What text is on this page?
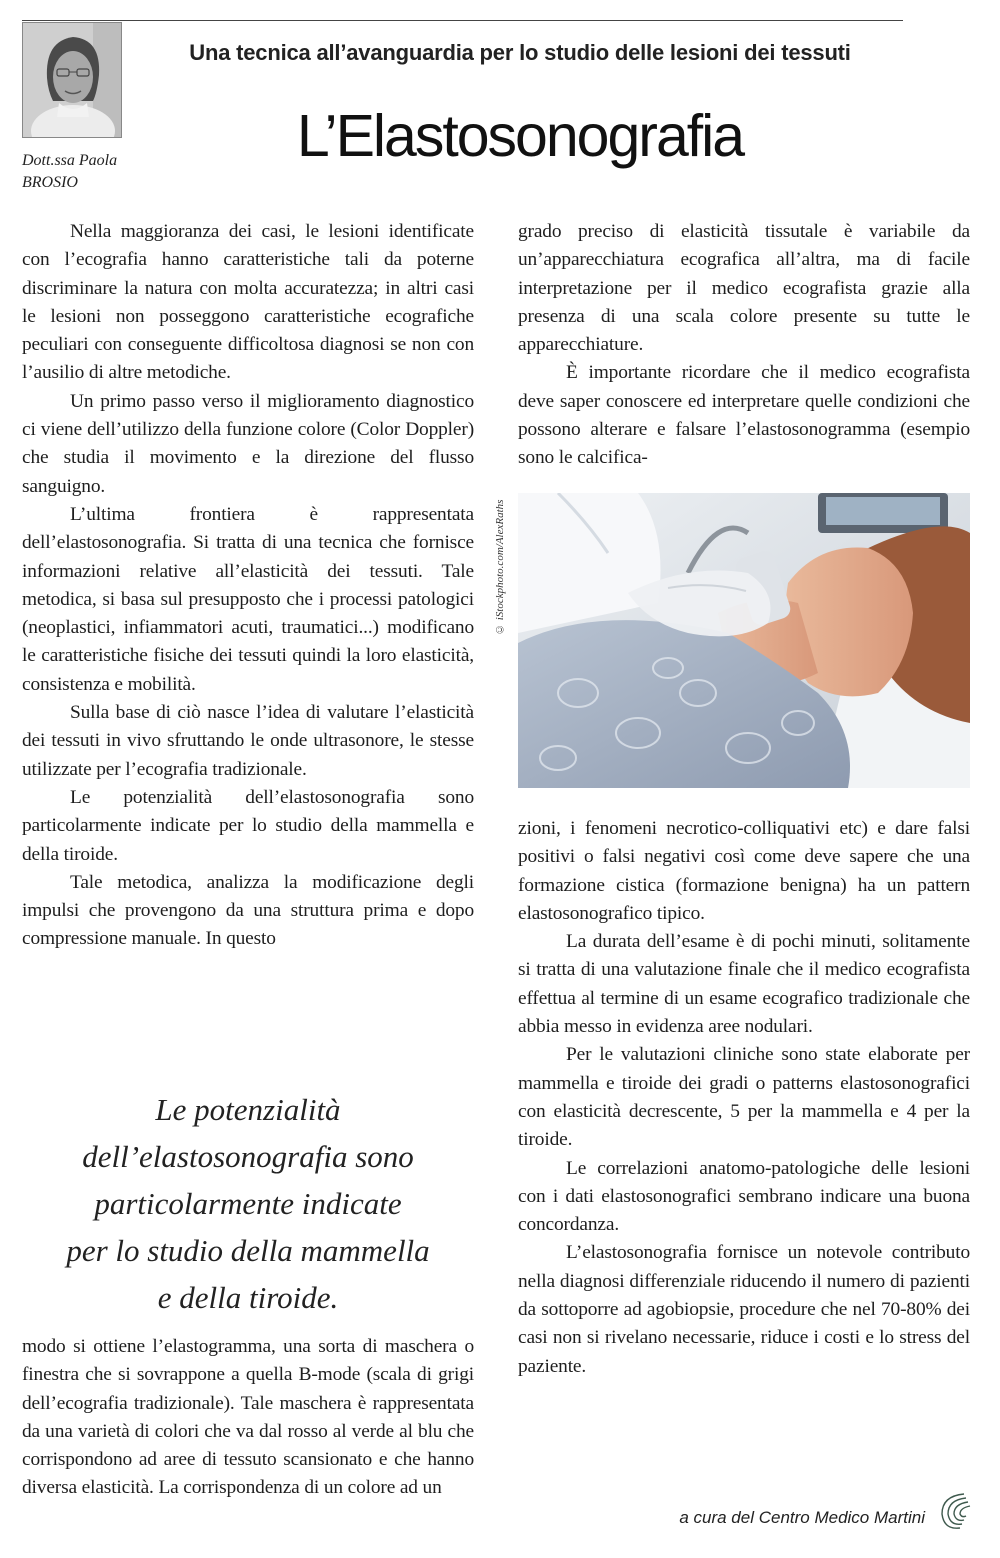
Dott.ssa Paola
BROSIO
Una tecnica all’avanguardia per lo studio delle lesioni dei tessuti
L’Elastosonografia

Nella maggioranza dei casi, le lesioni identificate con l’ecografia hanno caratteristiche tali da poterne discriminare la natura con molta accuratezza; in altri casi le lesioni non posseggono caratteristiche ecografiche peculiari con conseguente difficoltosa diagnosi se non con l’ausilio di altre metodiche.

Un primo passo verso il miglioramento diagnostico ci viene dell’utilizzo della funzione colore (Color Doppler) che studia il movimento e la direzione del flusso sanguigno.

L’ultima frontiera è rappresentata dell’elastosonografia. Si tratta di una tecnica che fornisce informazioni relative all’elasticità dei tessuti. Tale metodica, si basa sul presupposto che i processi patologici (neoplastici, infiammatori acuti, traumatici...) modificano le caratteristiche fisiche dei tessuti quindi la loro elasticità, consistenza e mobilità.

Sulla base di ciò nasce l’idea di valutare l’elasticità dei tessuti in vivo sfruttando le onde ultrasonore, le stesse utilizzate per l’ecografia tradizionale.

Le potenzialità dell’elastosonografia sono particolarmente indicate per lo studio della mammella e della tiroide.

Tale metodica, analizza la modificazione degli impulsi che provengono da una struttura prima e dopo compressione manuale. In questo

Le potenzialità
dell’elastosonografia sono
particolarmente indicate
per lo studio della mammella
e della tiroide.

modo si ottiene l’elastogramma, una sorta di maschera o finestra che si sovrappone a quella B-mode (scala di grigi dell’ecografia tradizionale). Tale maschera è rappresentata da una varietà di colori che va dal rosso al verde al blu che corrispondono ad aree di tessuto scansionato e che hanno diversa elasticità. La corrispondenza di un colore ad un

grado preciso di elasticità tissutale è variabile da un’apparecchiatura ecografica all’altra, ma di facile interpretazione per il medico ecografista grazie alla presenza di una scala colore presente su tutte le apparecchiature.

È importante ricordare che il medico ecografista deve saper conoscere ed interpretare quelle condizioni che possono alterare e falsare l’elastosonogramma (esempio sono le calcifica-

© iStockphoto.com/AlexRaths

zioni, i fenomeni necrotico-colliquativi etc) e dare falsi positivi o falsi negativi così come deve sapere che una formazione cistica (formazione benigna) ha un pattern elastosonografico tipico.

La durata dell’esame è di pochi minuti, solitamente si tratta di una valutazione finale che il medico ecografista effettua al termine di un esame ecografico tradizionale che abbia messo in evidenza aree nodulari.

Per le valutazioni cliniche sono state elaborate per mammella e tiroide dei gradi o patterns elastosonografici con elasticità decrescente, 5 per la mammella e 4 per la tiroide.

Le correlazioni anatomo-patologiche delle lesioni con i dati elastosonografici sembrano indicare una buona concordanza.

L’elastosonografia fornisce un notevole contributo nella diagnosi differenziale riducendo il numero di pazienti da sottoporre ad agobiopsie, procedure che nel 70-80% dei casi non si rivelano necessarie, riduce i costi e lo stress del paziente.

a cura del Centro Medico Martini
